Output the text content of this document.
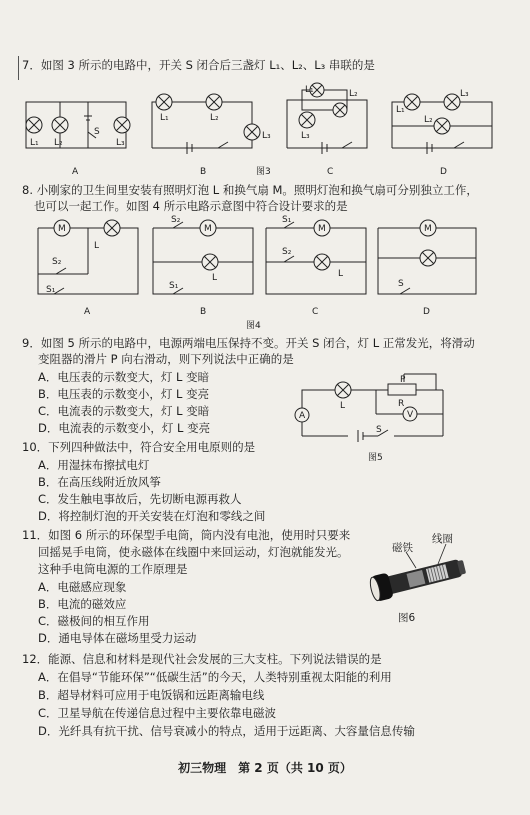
7．如图 3 所示的电路中，开关 S 闭合后三盏灯 L₁、L₂、L₃ 串联的是
L₁ L₂
S
L₃
L₁	L₂
L₃
L₁	L₂
L₃
L₁
L₃
L₂
A	B	C	D
图3
8. 小刚家的卫生间里安装有照明灯泡 L 和换气扇 M。照明灯泡和换气扇可分别独立工作，
也可以一起工作。如图 4 所示电路示意图中符合设计要求的是
M
L
S₂
S₁
M
S₂
L
S₁
M
S₁
S₂
L
M
S
A	B	C	D
图4
9．如图 5 所示的电路中，电源两端电压保持不变。开关 S 闭合，灯 L 正常发光，将滑动
变阻器的滑片 P 向右滑动，则下列说法中正确的是
A．电压表的示数变大，灯 L 变暗
B．电压表的示数变小，灯 L 变亮
C．电流表的示数变大，灯 L 变暗
D．电流表的示数变小，灯 L 变亮
A
L
P
R
V
S
图5
10．下列四种做法中，符合安全用电原则的是
A．用湿抹布擦拭电灯
B．在高压线附近放风筝
C．发生触电事故后，先切断电源再救人
D．将控制灯泡的开关安装在灯泡和零线之间
11．如图 6 所示的环保型手电筒，筒内没有电池，使用时只要来
回摇晃手电筒，使永磁体在线圈中来回运动，灯泡就能发光。
这种手电筒电源的工作原理是
A．电磁感应现象
B．电流的磁效应
C．磁极间的相互作用
D．通电导体在磁场里受力运动
磁铁
线圈
图6
12．能源、信息和材料是现代社会发展的三大支柱。下列说法错误的是
A．在倡导“节能环保”“低碳生活”的今天，人类特别重视太阳能的利用
B．超导材料可应用于电饭锅和远距离输电线
C．卫星导航在传递信息过程中主要依靠电磁波
D．光纤具有抗干扰、信号衰减小的特点，适用于远距离、大容量信息传输
初三物理　第 2 页（共 10 页）
